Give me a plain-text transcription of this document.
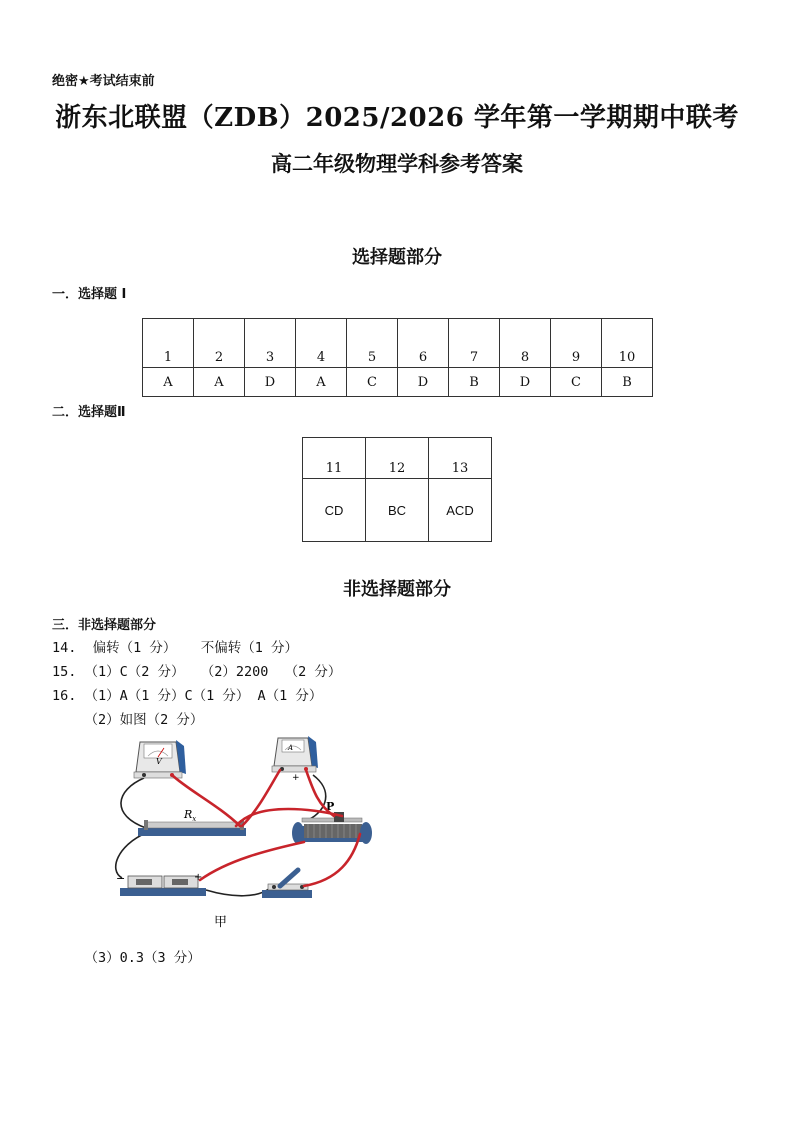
绝密★考试结束前
浙东北联盟（ZDB）2025/2026 学年第一学期期中联考
高二年级物理学科参考答案
选择题部分
一．选择题 I
1	2	3	4	5	6	7	8	9	10
A	A	D	A	C	D	B	D	C	B
二．选择题Ⅱ
11	12	13
CD	BC	ACD
非选择题部分
三．非选择题部分
14.  偏转（1 分）   不偏转（1 分）
15. （1）C（2 分）  （2）2200  （2 分）
16. （1）A（1 分）C（1 分） A（1 分）
（2）如图（2 分）
V
A
+
$R_x$
P
−	+
甲
（3）0.3（3 分）
